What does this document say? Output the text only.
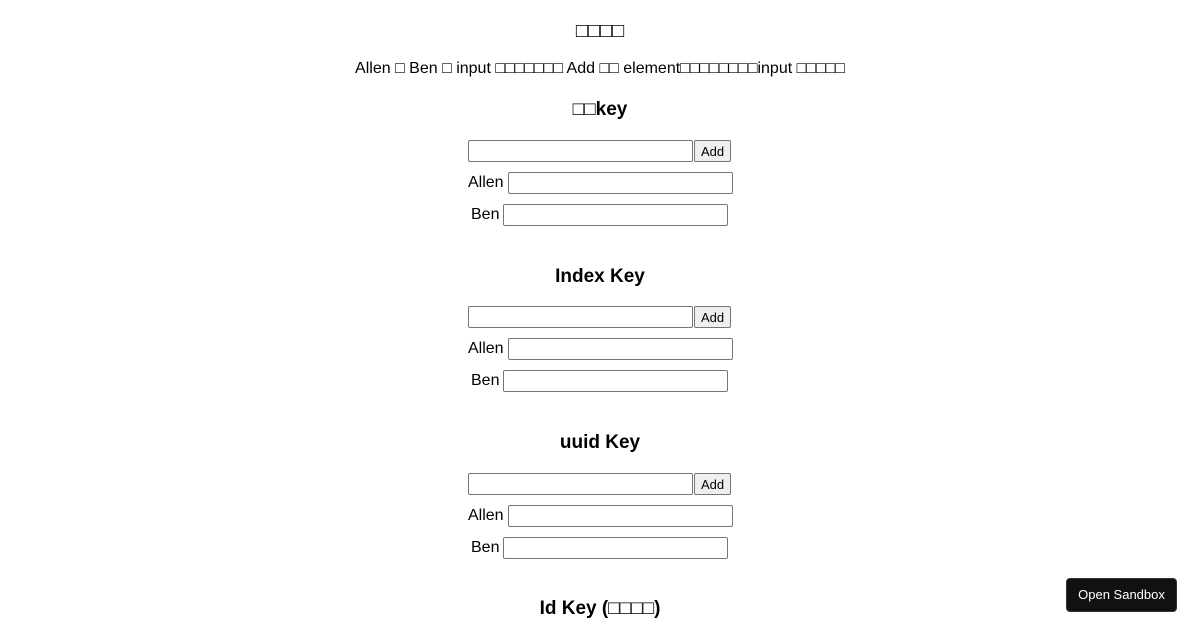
□□□□
Allen □ Ben □ input □□□□□□□ Add □□ element□□□□□□□□input □□□□□
□□key
Add
Allen
Ben
Index Key
Add
Allen
Ben
uuid Key
Add
Allen
Ben
Id Key (□□□□)
Open Sandbox
